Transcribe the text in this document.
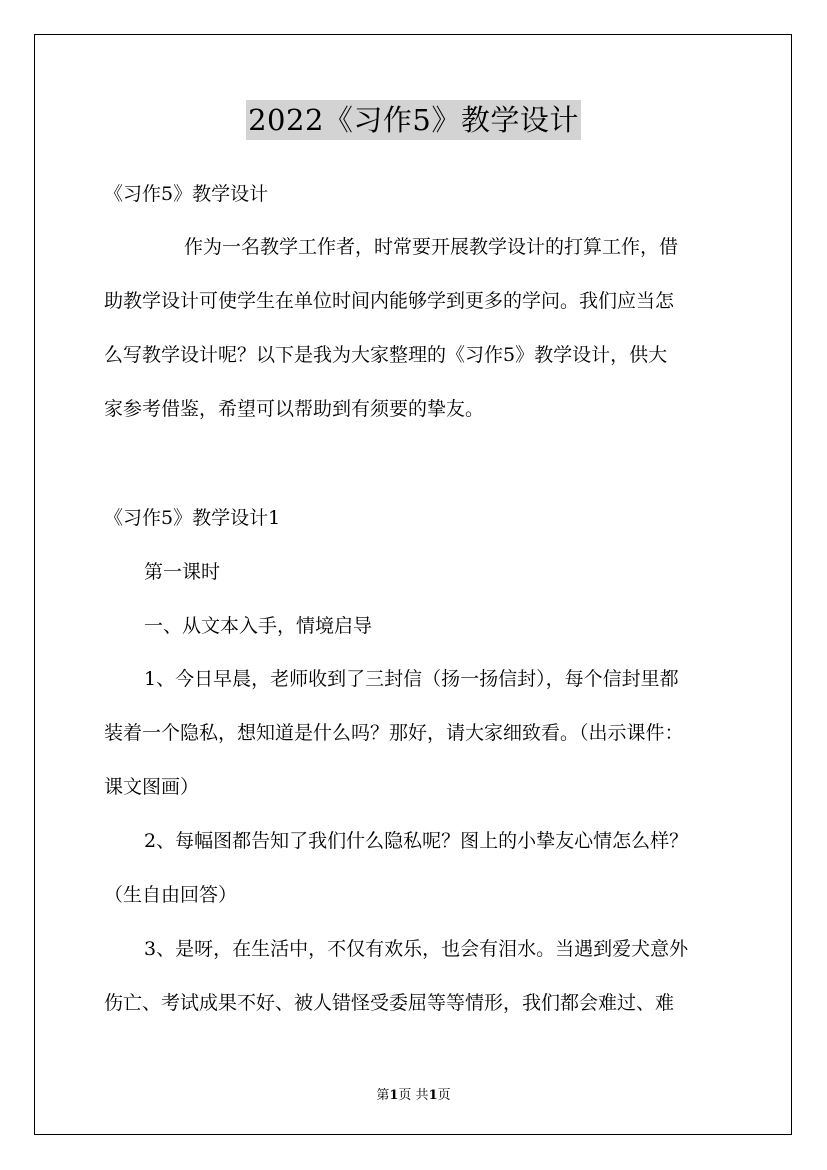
2022《习作5》教学设计
《习作5》教学设计
作为一名教学工作者，时常要开展教学设计的打算工作，借
助教学设计可使学生在单位时间内能够学到更多的学问。我们应当怎
么写教学设计呢？以下是我为大家整理的《习作5》教学设计，供大
家参考借鉴，希望可以帮助到有须要的挚友。
《习作5》教学设计1
第一课时
一、从文本入手，情境启导
1、今日早晨，老师收到了三封信（扬一扬信封），每个信封里都
装着一个隐私，想知道是什么吗？那好，请大家细致看。（出示课件：
课文图画）
2、每幅图都告知了我们什么隐私呢？图上的小挚友心情怎么样？
（生自由回答）
3、是呀，在生活中，不仅有欢乐，也会有泪水。当遇到爱犬意外
伤亡、考试成果不好、被人错怪受委屈等等情形，我们都会难过、难
第1页 共1页
